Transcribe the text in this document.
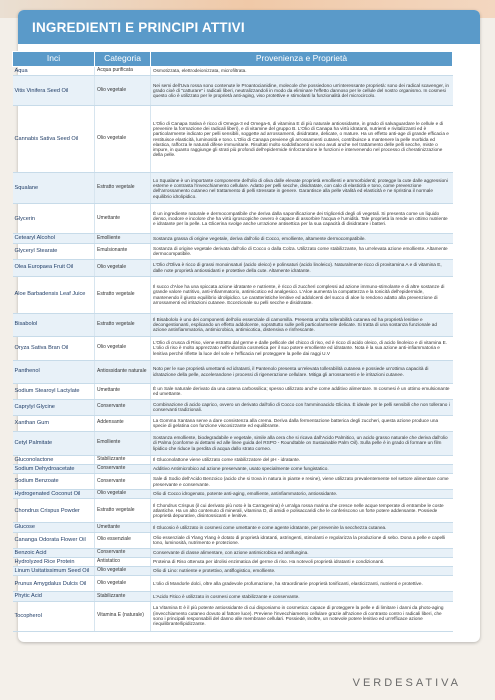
INGREDIENTI E PRINCIPI ATTIVI
Inci	Categoria	Provenienza e Proprietà
Aqua	Acqua purificata	Osmotizzata, elettrodeionizzata, microfiltrata.
Vitis Vinifera Seed Oil	Olio vegetale	Nei semi dell'Uva rossa sono contenute le Proantocianidine, molecole che possiedono un'interessante proprietà: sono dei radical scavenger, in grado cioè di "catturare" i radicali liberi, neutralizzandoli in modo da eliminare l'effetto dannoso per le cellule del nostro organismo. In cosmesi questo olio è utilizzato per le proprietà anti-aging, viso protettive e stimolanti la funzionalità del microcircolo.
Cannabis Sativa Seed Oil	Olio vegetale	L'Olio di Canapa Sativa è ricco di Omega-3 ed Omega-6, di vitamina E di più naturale antiossidante, in grado di salvaguardare le cellule e di prevenire la formazione dei radicali liberi), e di vitamine del gruppo B. L'Olio di Canapa ha virtù idratanti, nutrienti e rivitalizzanti ed è particolarmente indicato per pelli sensibili, soggette ad arrossamenti, disidratate, delicate, o mature. Ha un effetto anti-age di grande efficacia e restituisce elasticità, luminosità e tono. L'Olio di Canapa previene gli arrossamenti cutanei, contribuisce a mantenere la pelle morbida ed elastica, rafforza le naturali difese immunitarie. Risultati molto soddisfacenti si sono avuti anche nel trattamento delle pelli secche, miste o impure, in quanto raggiunge gli strati più profondi dell'epidermide rinforzandone le funzioni e intervenendo nel processo di cheratinizzazione della pelle.
Squalane	Estratto vegetale	Lo Squalane è un importante componente dell'olio di oliva dalle elevate proprietà emollienti e ammorbidenti; protegge la cute dalle aggressioni esterne e contrasta l'invecchiamento cellulare. Adatto per pelli secche, disidratate, con calo di elasticità e tono, come prevenzione dell'arrossamento cutaneo nel trattamento di pelli stressate in genere. Garantisce alla pelle vitalità ed elasticità e ne ripristina il normale equilibrio idrolipidico.
Glycerin	Umettante	È un ingrediente naturale e dermocompatibile che deriva dalla saponificazione dei trigliceridi degli oli vegetali. Si presenta come un liquido denso, inodore e incolore che ha virtù igroscopiche ovvero è capace di assorbire l'acqua e l'umidità. Tale proprietà la rende un ottimo nutriente e idratante per la pelle. La Glicerina svolge anche un'azione antisettica per la sua capacità di disidratare i batteri.
Cetearyl Alcohol	Emolliente	Sostanza grassa di origine vegetale, deriva dall'olio di Cocco, emolliente, altamente dermocompatibile.
Glyceryl Stearate	Emulsionante	Sostanza di origine vegetale derivata dall'olio di Cocco o dalla Colza. Utilizzato come stabilizzante, ha un'elevata azione emolliente. Altamente dermocompatibile.
Olea Europaea Fruit Oil	Olio vegetale	L'Olio d'Oliva è ricco di grassi monoinsaturi (acido oleico) e polinsaturi (acido linoleico). Naturalmente ricco di provitamina A e di vitamina E, dalle note proprietà antiossidanti e protettive della cute. Altamente idratante.
Aloe Barbadensis Leaf Juice	Estratto vegetale	Il succo d'Aloe ha una spiccata azione idratante e nutriente, è ricco di zuccheri complessi ad azione immuno-stimolante e di altre sostanze di grande valore nutritivo, anti-infiammatorio, antimicotico ed analgesico. L'Aloe aumenta la compattezza e la tonicità dell'epidermide, mantenendo il giusto equilibrio idrolipidico. Le caratteristiche lenitive ed addolcenti del succo di aloe lo rendono adatto alla prevenzione di arrossamenti ed irritazioni cutanee. Eccezionale su pelli secche e disidratate.
Bisabolol	Estratto vegetale	Il Bisabololo è uno dei componenti dell'olio essenziale di camomilla. Presenta un'alta tollerabilità cutanea ed ha proprietà lenitive e decongestionanti, esplicando un effetto addolcente, soprattutto sulle pelli particolarmente delicate. Si tratta di una sostanza funzionale ad azione antinfiammatoria, antimicrobica, antimicotica, distensiva e rinfrescante.
Oryza Sativa Bran Oil	Olio vegetale	L'Olio di crusca di Riso, viene estratto dal germe e dalle pellicole del chicco di riso, ed è ricco di acido oleico, di acido linoleico e di vitamina E. L'olio di riso è molto apprezzato nell'industria cosmetica per il suo potere emolliente ed idratante. Nota è la sua azione anti-infiammatoria e lenitiva perché riflette la luce del sole e l'efficacia nel proteggere la pelle dai raggi U.V
Panthenol	Antiossidante naturale	Noto per le sue proprietà umettanti ed idratanti, il Pantenolo presenta un'elevata tollerabilità cutanea e possiede un'ottima capacità di idratazione della pelle, accelerandone i processi di rigenerazione cellulare. Mitiga gli arrossamenti e le irritazioni cutanee.
Sodium Stearoyl Lactylate	Umettante	È un Sale naturale derivato da una catena carbossilica; spesso utilizzato anche come additivo alimentare. In cosmesi è un ottimo emulsionante ed umettante.
Caprylyl Glycine	Conservante	Combinazione di acido caprico, ovvero un derivato dall'olio di Cocco con l'amminoacido Glicina. È ideale per le pelli sensibili che non tollerano i conservanti tradizionali.
Xanthan Gum	Addensante	La Gomma Xantana serve a dare consistenza alla crema. Deriva dalla fermentazione batterica degli zuccheri, questa azione produce una specie di gelatina con funzione viscosizzante ed equilibrante.
Cetyl Palmitate	Emolliente	Sostanza emolliente, biodegradabile e vegetale, simile alla cera che si ricava dall'Acido Palmitico, un acido grasso naturale che deriva dall'olio di Palma (conforme ai dettami ed alle linee guida del RSPO - Roundtable on Sustainable Palm Oil). Sulla pelle è in grado di formare un film lipidico che riduce la perdita di acqua dallo strato corneo.
Gluconolactone	Stabilizzante	Il Gluconolattone viene utilizzato come stabilizzatore del pH - idratante.
Sodium Dehydroacetate	Conservante	Additivo Antimicrobico ad azione preservante, usato specialmente come fungistatico.
Sodium Benzoate	Conservante	Sale di Sodio dell'Acido Benzoico (acido che si trova in natura in piante e resine), viene utilizzato prevalentemente nel settore alimentare come preservante e conservante.
Hydrogenated Coconut Oil	Olio vegetale	Olio di Cocco idrogenato, potente anti-aging, emolliente, antinfiammatorio, antiossidante.
Chondrus Crispus Powder	Estratto vegetale	Il Chondrus Crispus (il cui derivato più noto è la Carragenina) è un'alga rossa marina che cresce nelle acque temperate di entrambe le coste atlantiche. Ha un alto contenuto di minerali, vitamina D, di amidi e polisaccaridi che le conferiscono un forte potere addensante. Possiede proprietà depurative, disintossicanti e lenitive.
Glucose	Umettante	Il Glucosio è utilizzato in cosmesi come umettante e come agente idratante, per prevenire la secchezza cutanea.
Cananga Odorata Flower Oil	Olio essenziale	Olio essenziale di Ylang Ylang è dotato di proprietà idratanti, astringenti, stimolanti e regolarizza la produzione di sebo. Dona a pelle e capelli tono, luminosità, nutrimento e protezione.
Benzoic Acid	Conservante	Conservante di classe alimentare, con azione antimicrobica ed antifungina.
Hydrolyzed Rice Protein	Antistatico	Proteina di Riso ottenuta per idrolisi enzimatica del germe di riso. Ha notevoli proprietà idratanti e condizionanti.
Linum Usitatissimum Seed Oil	Olio vegetale	Olio di Lino: nutriente e protettivo, antiflogistico, emolliente.
Prunus Amygdalus Dulcis Oil	Olio vegetale	L'olio di Mandorle dolci, oltre alla gradevole profumazione, ha straordinarie proprietà tonificanti, elasticizzanti, nutrienti e protettive.
Phytic Acid	Stabilizzante	L'Acido Fitico è utilizzato in cosmesi come stabilizzante e conservante.
Tocopherol	Vitamina E (naturale)	La Vitamina E è il più potente antiossidante di cui disponiamo in cosmetica: capace di proteggere la pelle e di limitare i danni da photo-aging (invecchiamento cutaneo dovuto al fattore luce). Previene l'invecchiamento cellulare grazie all'azione di contrasto contro i radicali liberi, che sono i principali responsabili del danno alle membrane cellulari. Possiede, inoltre, un notevole potere lenitivo ed un'efficace azione riequilibrante/lipidizzante.
VERDESATIVA
